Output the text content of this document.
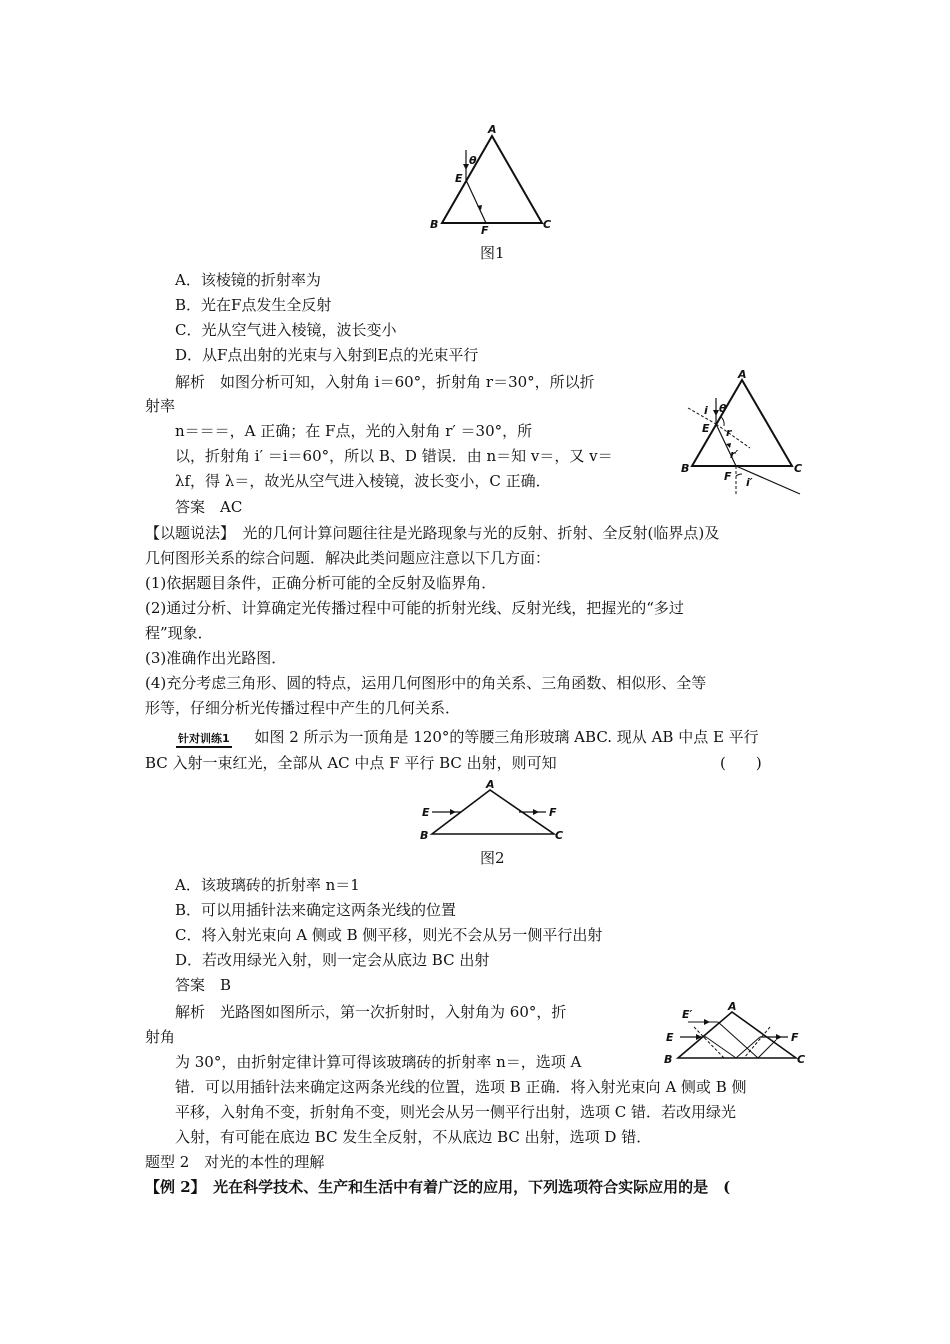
A
B	C
E
F
θ
图1
A．该棱镜的折射率为
B．光在F点发生全反射
C．光从空气进入棱镜，波长变小
D．从F点出射的光束与入射到E点的光束平行
解析　如图分析可知，入射角 i＝60°，折射角 r＝30°，所以折
射率
n＝＝＝，A 正确；在 F点，光的入射角 r′ ＝30°，所
以，折射角 i′ ＝i＝60°，所以 B、D 错误．由 n＝知 v＝，又 v＝
λf，得 λ＝，故光从空气进入棱镜，波长变小，C 正确．
答案　AC
A
B	C
E
F
i θ
r
r′
i′
【以题说法】　光的几何计算问题往往是光路现象与光的反射、折射、全反射(临界点)及
几何图形关系的综合问题．解决此类问题应注意以下几方面：
(1)依据题目条件，正确分析可能的全反射及临界角．
(2)通过分析、计算确定光传播过程中可能的折射光线、反射光线，把握光的“多过
程”现象．
(3)准确作出光路图．
(4)充分考虑三角形、圆的特点，运用几何图形中的角关系、三角函数、相似形、全等
形等，仔细分析光传播过程中产生的几何关系．
针对训练1 如图 2 所示为一顶角是 120°的等腰三角形玻璃 ABC. 现从 AB 中点 E 平行
BC 入射一束红光，全部从 AC 中点 F 平行 BC 出射，则可知	(　　)
A
B	C
E	F
图2
A．该玻璃砖的折射率 n＝1
B．可以用插针法来确定这两条光线的位置
C．将入射光束向 A 侧或 B 侧平移，则光不会从另一侧平行出射
D．若改用绿光入射，则一定会从底边 BC 出射
答案　B
解析　光路图如图所示，第一次折射时，入射角为 60°，折
射角
为 30°，由折射定律计算可得该玻璃砖的折射率 n＝，选项 A
错．可以用插针法来确定这两条光线的位置，选项 B 正确．将入射光束向 A 侧或 B 侧
平移，入射角不变，折射角不变，则光会从另一侧平行出射，选项 C 错．若改用绿光
入射，有可能在底边 BC 发生全反射，不从底边 BC 出射，选项 D 错．
A
B	C
E
E′
F
题型 2　对光的本性的理解
【例 2】　光在科学技术、生产和生活中有着广泛的应用，下列选项符合实际应用的是　(
